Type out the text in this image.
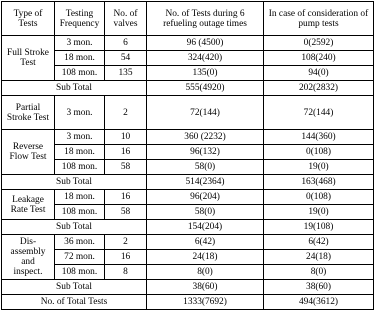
Type of Tests	Testing Frequency	No. of valves	No. of Tests during 6 refueling outage times	In case of consideration of pump tests
Full Stroke Test	3 mon.	6	96 (4500)	0(2592)
	18 mon.	54	324(420)	108(240)
	108 mon.	135	135(0)	94(0)
Sub Total			555(4920)	202(2832)
Partial Stroke Test	3 mon.	2	72(144)	72(144)
Reverse Flow Test	3 mon.	10	360 (2232)	144(360)
	18 mon.	16	96(132)	0(108)
	108 mon.	58	58(0)	19(0)
Sub Total			514(2364)	163(468)
Leakage Rate Test	18 mon.	16	96(204)	0(108)
	108 mon.	58	58(0)	19(0)
Sub Total			154(204)	19(108)
Dis-assembly and inspect.	36 mon.	2	6(42)	6(42)
	72 mon.	16	24(18)	24(18)
	108 mon.	8	8(0)	8(0)
Sub Total			38(60)	38(60)
No. of Total Tests			1333(7692)	494(3612)
